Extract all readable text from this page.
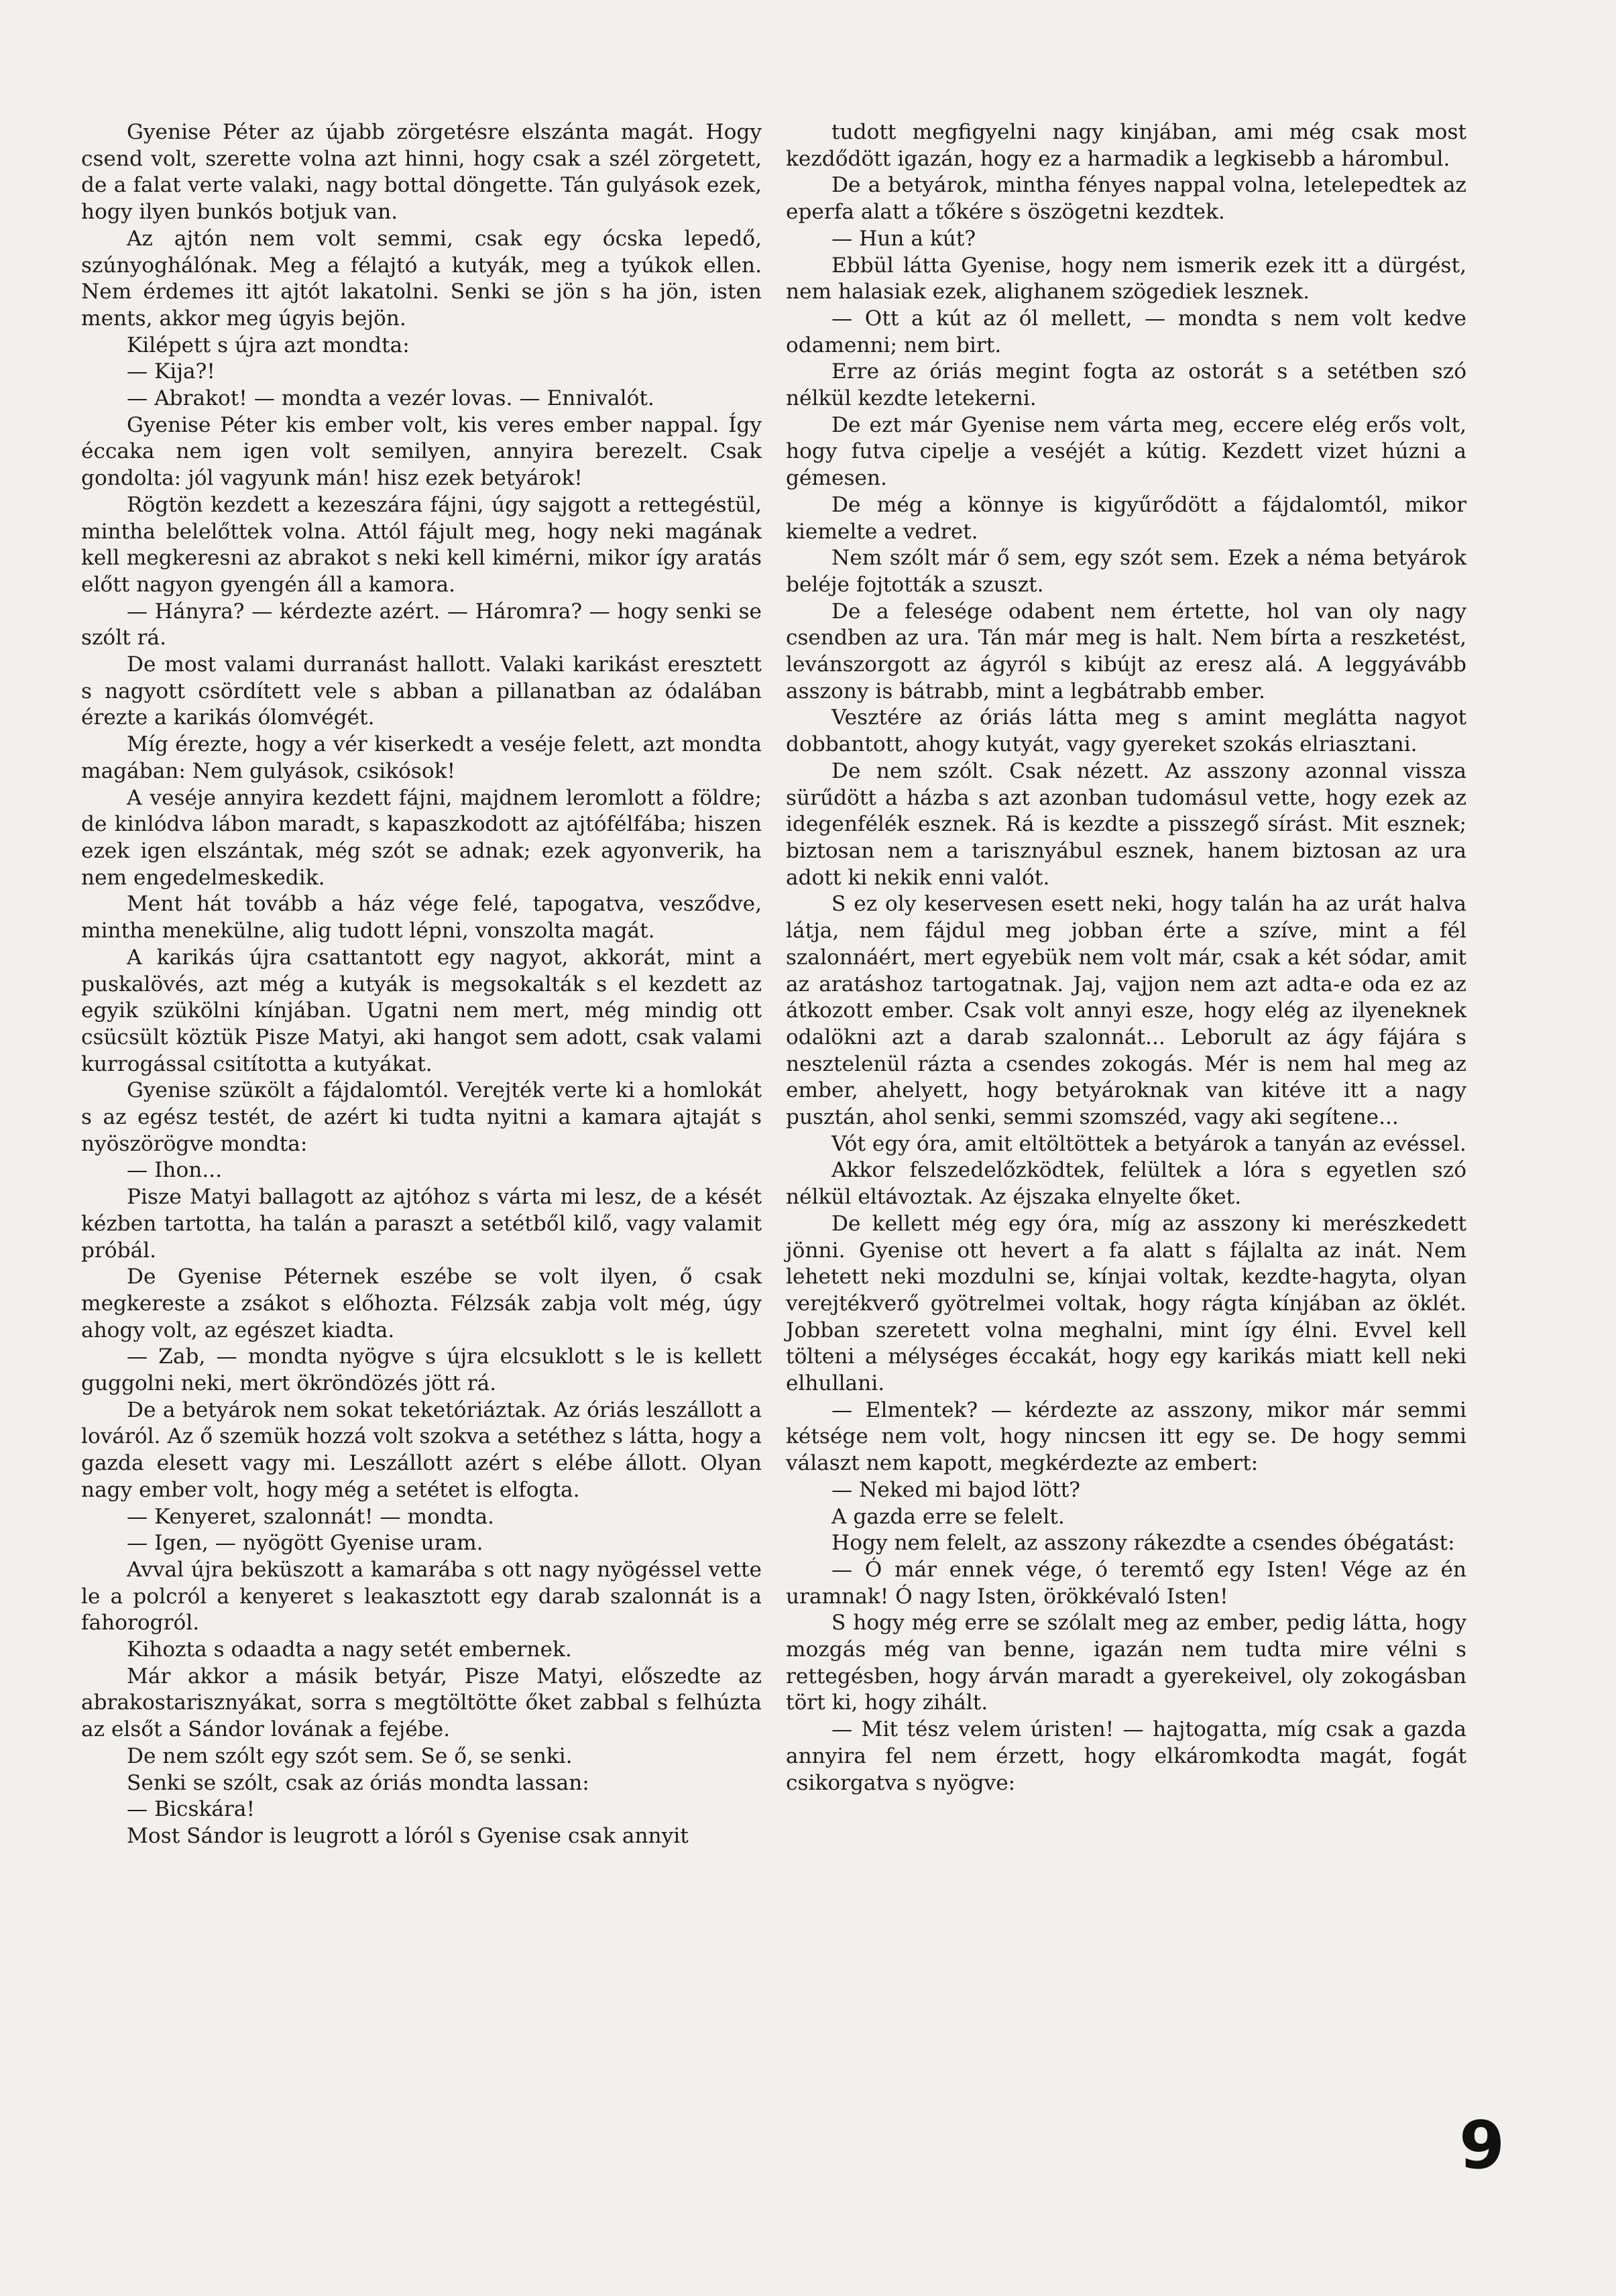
Gyenise Péter az újabb zörgetésre elszánta magát. Hogy csend volt, szerette volna azt hinni, hogy csak a szél zörgetett, de a falat verte valaki, nagy bottal döngette. Tán gulyások ezek, hogy ilyen bunkós botjuk van.

Az ajtón nem volt semmi, csak egy ócska lepedő, szúnyoghálónak. Meg a félajtó a kutyák, meg a tyúkok ellen. Nem érdemes itt ajtót lakatolni. Senki se jön s ha jön, isten ments, akkor meg úgyis bejön.

Kilépett s újra azt mondta:

— Kija?!

— Abrakot! — mondta a vezér lovas. — Ennivalót.

Gyenise Péter kis ember volt, kis veres ember nappal. Így éccaka nem igen volt semilyen, annyira berezelt. Csak gondolta: jól vagyunk mán! hisz ezek betyárok!

Rögtön kezdett a kezeszára fájni, úgy sajgott a rettegéstül, mintha belelőttek volna. Attól fájult meg, hogy neki magának kell megkeresni az abrakot s neki kell kimérni, mikor így aratás előtt nagyon gyengén áll a kamora.

— Hányra? — kérdezte azért. — Háromra? — hogy senki se szólt rá.

De most valami durranást hallott. Valaki karikást eresztett s nagyott csördített vele s abban a pillanatban az ódalában érezte a karikás ólomvégét.

Míg érezte, hogy a vér kiserkedt a veséje felett, azt mondta magában: Nem gulyások, csikósok!

A veséje annyira kezdett fájni, majdnem leromlott a földre; de kinlódva lábon maradt, s kapaszkodott az ajtófélfába; hiszen ezek igen elszántak, még szót se adnak; ezek agyonverik, ha nem engedelmeskedik.

Ment hát tovább a ház vége felé, tapogatva, vesződve, mintha menekülne, alig tudott lépni, vonszolta magát.

A karikás újra csattantott egy nagyot, akkorát, mint a puskalövés, azt még a kutyák is megsokalták s el kezdett az egyik szükölni kínjában. Ugatni nem mert, még mindig ott csücsült köztük Pisze Matyi, aki hangot sem adott, csak valami kurrogással csitította a kutyákat.

Gyenise szüкölt a fájdalomtól. Verejték verte ki a homlokát s az egész testét, de azért ki tudta nyitni a kamara ajtaját s nyöszörögve mondta:

— Ihon...

Pisze Matyi ballagott az ajtóhoz s várta mi lesz, de a kését kézben tartotta, ha talán a paraszt a setétből kilő, vagy valamit próbál.

De Gyenise Péternek eszébe se volt ilyen, ő csak megkereste a zsákot s előhozta. Félzsák zabja volt még, úgy ahogy volt, az egészet kiadta.

— Zab, — mondta nyögve s újra elcsuklott s le is kellett guggolni neki, mert ökröndözés jött rá.

De a betyárok nem sokat teketóriáztak. Az óriás leszállott a lováról. Az ő szemük hozzá volt szokva a setéthez s látta, hogy a gazda elesett vagy mi. Leszállott azért s elébe állott. Olyan nagy ember volt, hogy még a setétet is elfogta.

— Kenyeret, szalonnát! — mondta.

— Igen, — nyögött Gyenise uram.

Avval újra beküszott a kamarába s ott nagy nyögéssel vette le a polcról a kenyeret s leakasztott egy darab szalonnát is a fahorogról.

Kihozta s odaadta a nagy setét embernek.

Már akkor a másik betyár, Pisze Matyi, előszedte az abrakostarisznyákat, sorra s megtöltötte őket zabbal s felhúzta az elsőt a Sándor lovának a fejébe.

De nem szólt egy szót sem. Se ő, se senki.

Senki se szólt, csak az óriás mondta lassan:

— Bicskára!

Most Sándor is leugrott a lóról s Gyenise csak annyit

tudott megfigyelni nagy kinjában, ami még csak most kezdődött igazán, hogy ez a harmadik a legkisebb a hárombul.

De a betyárok, mintha fényes nappal volna, letelepedtek az eperfa alatt a tőkére s öszögetni kezdtek.

— Hun a kút?

Ebbül látta Gyenise, hogy nem ismerik ezek itt a dürgést, nem halasiak ezek, alighanem szögediek lesznek.

— Ott a kút az ól mellett, — mondta s nem volt kedve odamenni; nem birt.

Erre az óriás megint fogta az ostorát s a setétben szó nélkül kezdte letekerni.

De ezt már Gyenise nem várta meg, eccere elég erős volt, hogy futva cipelje a veséjét a kútig. Kezdett vizet húzni a gémesen.

De még a könnye is kigyűrődött a fájdalomtól, mikor kiemelte a vedret.

Nem szólt már ő sem, egy szót sem. Ezek a néma betyárok beléje fojtották a szuszt.

De a felesége odabent nem értette, hol van oly nagy csendben az ura. Tán már meg is halt. Nem bírta a reszketést, levánszorgott az ágyról s kibújt az eresz alá. A leggyávább asszony is bátrabb, mint a legbátrabb ember.

Vesztére az óriás látta meg s amint meglátta nagyot dobbantott, ahogy kutyát, vagy gyereket szokás elriasztani.

De nem szólt. Csak nézett. Az asszony azonnal vissza sürűdött a házba s azt azonban tudomásul vette, hogy ezek az idegenfélék esznek. Rá is kezdte a pisszegő sírást. Mit esznek; biztosan nem a tarisznyábul esznek, hanem biztosan az ura adott ki nekik enni valót.

S ez oly keservesen esett neki, hogy talán ha az urát halva látja, nem fájdul meg jobban érte a szíve, mint a fél szalonnáért, mert egyebük nem volt már, csak a két sódar, amit az aratáshoz tartogatnak. Jaj, vajjon nem azt adta-e oda ez az átkozott ember. Csak volt annyi esze, hogy elég az ilyeneknek odalökni azt a darab szalonnát... Leborult az ágy fájára s nesztelenül rázta a csendes zokogás. Mér is nem hal meg az ember, ahelyett, hogy betyároknak van kitéve itt a nagy pusztán, ahol senki, semmi szomszéd, vagy aki segítene...

Vót egy óra, amit eltöltöttek a betyárok a tanyán az evéssel.

Akkor felszedelőzködtek, felültek a lóra s egyetlen szó nélkül eltávoztak. Az éjszaka elnyelte őket.

De kellett még egy óra, míg az asszony ki merészkedett jönni. Gyenise ott hevert a fa alatt s fájlalta az inát. Nem lehetett neki mozdulni se, kínjai voltak, kezdte-hagyta, olyan verejtékverő gyötrelmei voltak, hogy rágta kínjában az öklét. Jobban szeretett volna meghalni, mint így élni. Evvel kell tölteni a mélységes éccakát, hogy egy karikás miatt kell neki elhullani.

— Elmentek? — kérdezte az asszony, mikor már semmi kétsége nem volt, hogy nincsen itt egy se. De hogy semmi választ nem kapott, megkérdezte az embert:

— Neked mi bajod lött?

A gazda erre se felelt.

Hogy nem felelt, az asszony rákezdte a csendes óbégatást:

— Ó már ennek vége, ó teremtő egy Isten! Vége az én uramnak! Ó nagy Isten, örökkévaló Isten!

S hogy még erre se szólalt meg az ember, pedig látta, hogy mozgás még van benne, igazán nem tudta mire vélni s rettegésben, hogy árván maradt a gyerekeivel, oly zokogásban tört ki, hogy zihált.

— Mit tész velem úristen! — hajtogatta, míg csak a gazda annyira fel nem érzett, hogy elkáromkodta magát, fogát csikorgatva s nyögve:

9
